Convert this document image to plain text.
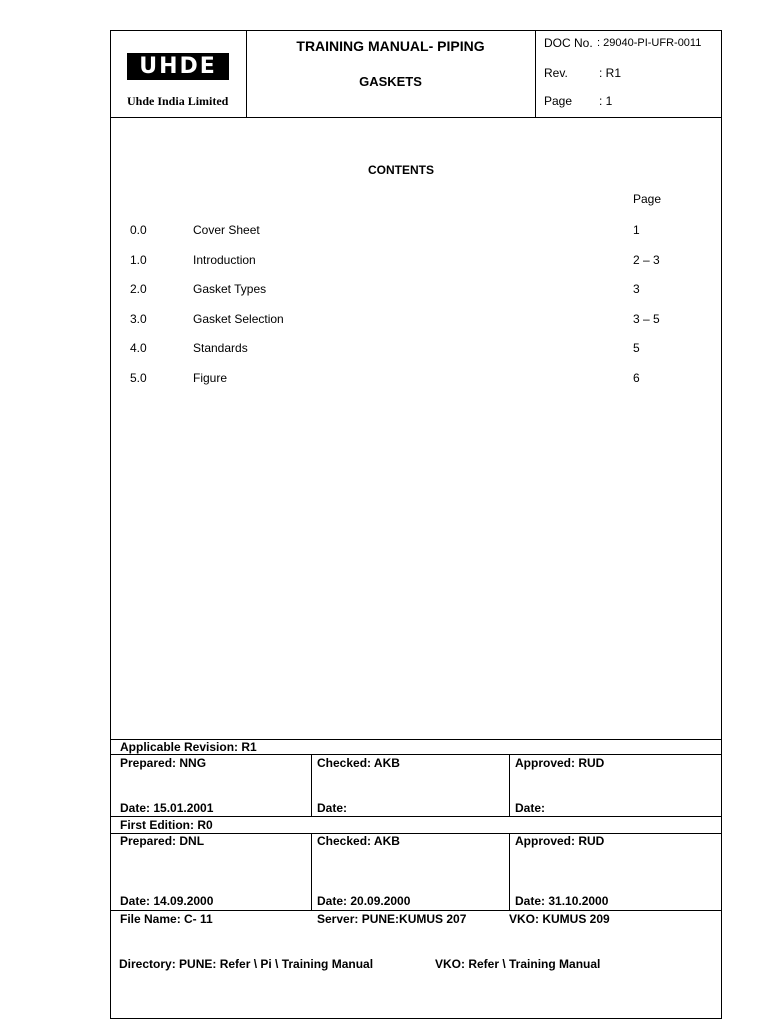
UHDE
Uhde India Limited
TRAINING MANUAL- PIPING
GASKETS
DOC No. : 29040-PI-UFR-0011
Rev.	: R1
Page : 1
CONTENTS
Page
0.0	Cover Sheet	1
1.0	Introduction	2 – 3
2.0	Gasket Types	3
3.0	Gasket Selection	3 – 5
4.0	Standards	5
5.0	Figure	6
Applicable Revision: R1
Prepared: NNG	Checked: AKB	Approved: RUD
Date: 15.01.2001	Date:	Date:
First Edition: R0
Prepared: DNL	Checked: AKB	Approved: RUD
Date: 14.09.2000	Date: 20.09.2000	Date: 31.10.2000
File Name: C- 11	Server: PUNE:KUMUS 207	VKO: KUMUS 209
Directory: PUNE: Refer \ Pi \ Training Manual	VKO: Refer \ Training Manual
